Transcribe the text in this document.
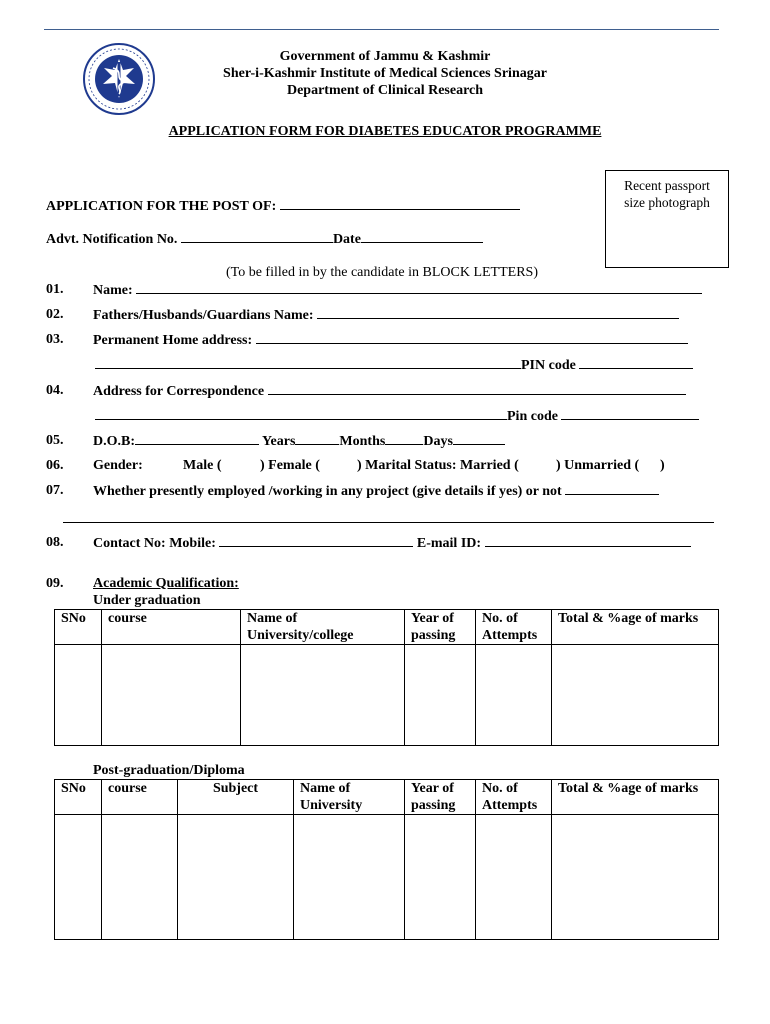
Government of Jammu & Kashmir
Sher-i-Kashmir Institute of Medical Sciences Srinagar
Department of Clinical Research
APPLICATION FORM FOR DIABETES EDUCATOR PROGRAMME
Recent passport
size photograph
APPLICATION FOR THE POST OF:
Advt. Notification No.	Date
(To be filled in by the candidate in BLOCK LETTERS)
01. Name:
02. Fathers/Husbands/Guardians Name:
03. Permanent Home address:
PIN code
04. Address for Correspondence
Pin code
05. D.O.B:	Years	Months	Days
06. Gender:	Male (	) Female (	) Marital Status: Married (	) Unmarried ( )
07. Whether presently employed /working in any project (give details if yes) or not
08. Contact No: Mobile:	E-mail ID:
09. Academic Qualification:
Under graduation
SNo	course	Name of University/college	Year of passing	No. of Attempts	Total & %age of marks

Post-graduation/Diploma
SNo	course	Subject	Name of University	Year of passing	No. of Attempts	Total & %age of marks
